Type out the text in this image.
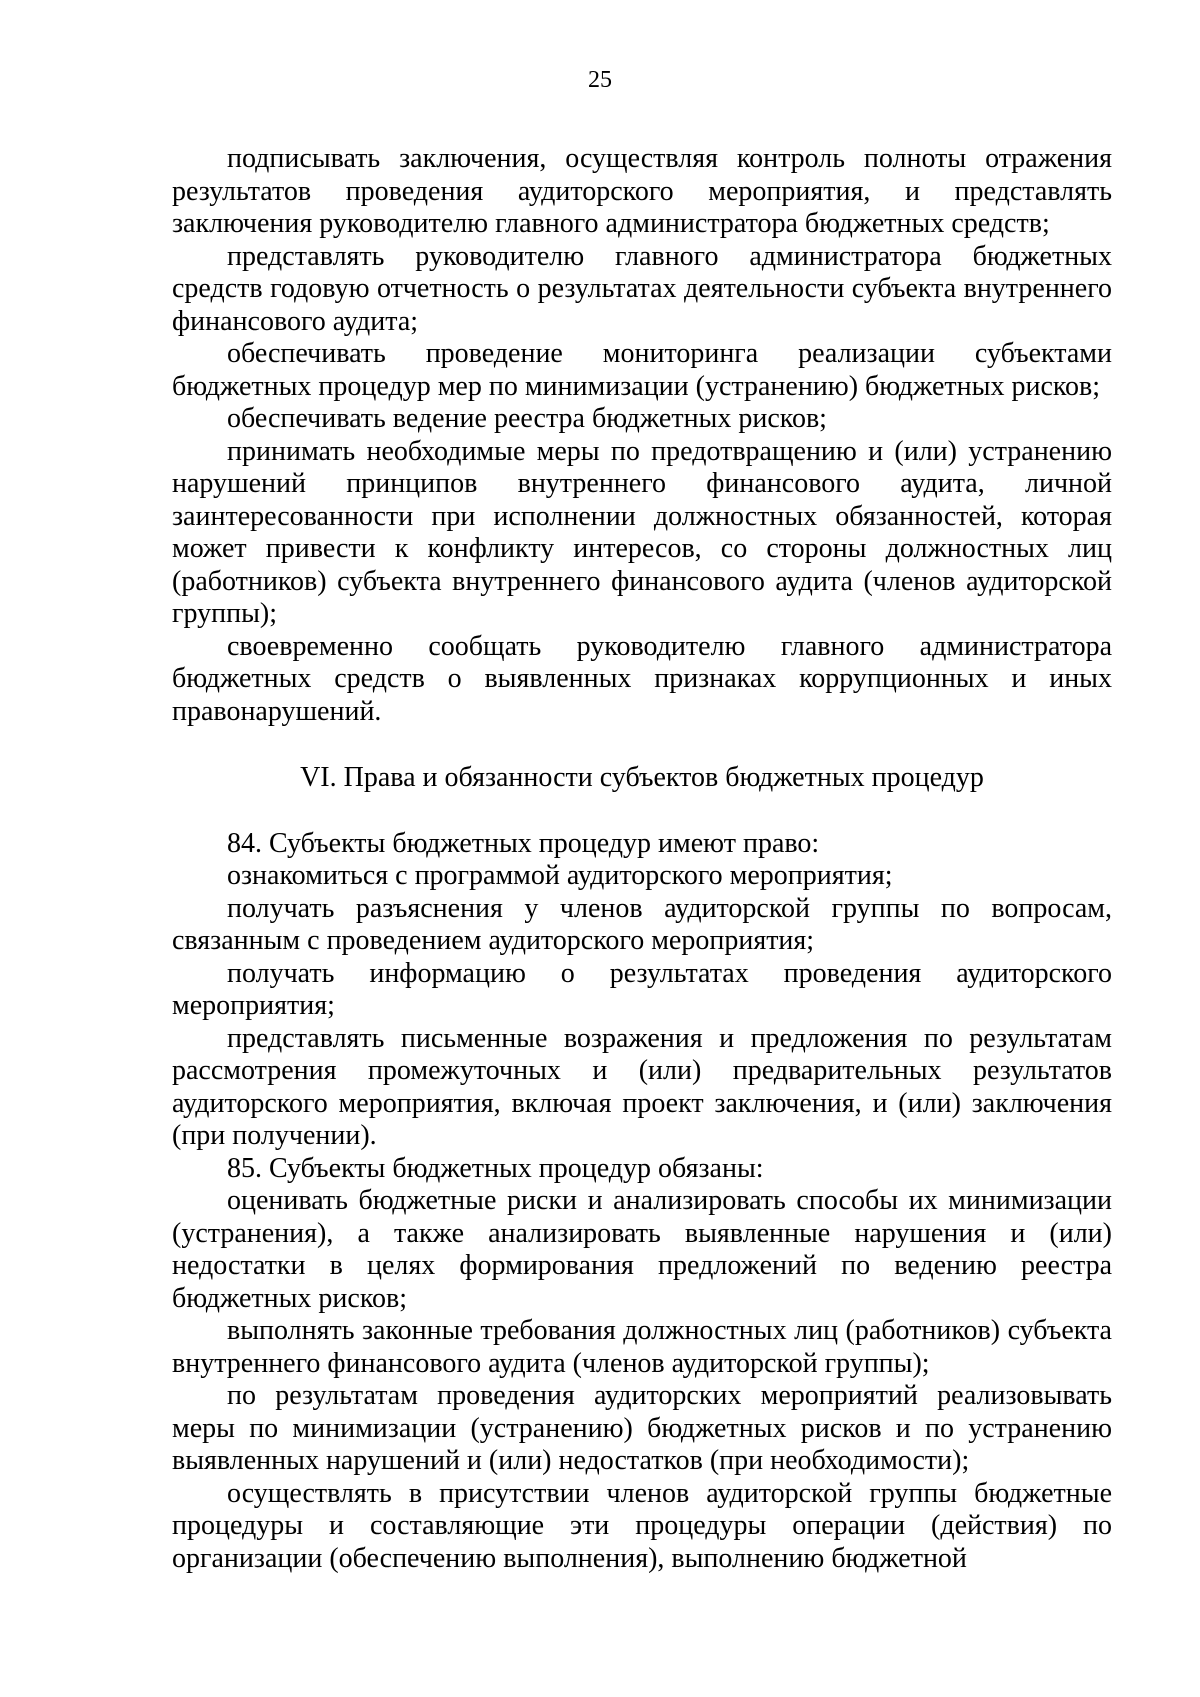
25

подписывать заключения, осуществляя контроль полноты отражения результатов проведения аудиторского мероприятия, и представлять заключения руководителю главного администратора бюджетных средств;

представлять руководителю главного администратора бюджетных средств годовую отчетность о результатах деятельности субъекта внутреннего финансового аудита;

обеспечивать проведение мониторинга реализации субъектами бюджетных процедур мер по минимизации (устранению) бюджетных рисков;

обеспечивать ведение реестра бюджетных рисков;

принимать необходимые меры по предотвращению и (или) устранению нарушений принципов внутреннего финансового аудита, личной заинтересованности при исполнении должностных обязанностей, которая может привести к конфликту интересов, со стороны должностных лиц (работников) субъекта внутреннего финансового аудита (членов аудиторской группы);

своевременно сообщать руководителю главного администратора бюджетных средств о выявленных признаках коррупционных и иных правонарушений.

VI. Права и обязанности субъектов бюджетных процедур

84. Субъекты бюджетных процедур имеют право:

ознакомиться с программой аудиторского мероприятия;

получать разъяснения у членов аудиторской группы по вопросам, связанным с проведением аудиторского мероприятия;

получать информацию о результатах проведения аудиторского мероприятия;

представлять письменные возражения и предложения по результатам рассмотрения промежуточных и (или) предварительных результатов аудиторского мероприятия, включая проект заключения, и (или) заключения (при получении).

85. Субъекты бюджетных процедур обязаны:

оценивать бюджетные риски и анализировать способы их минимизации (устранения), а также анализировать выявленные нарушения и (или) недостатки в целях формирования предложений по ведению реестра бюджетных рисков;

выполнять законные требования должностных лиц (работников) субъекта внутреннего финансового аудита (членов аудиторской группы);

по результатам проведения аудиторских мероприятий реализовывать меры по минимизации (устранению) бюджетных рисков и по устранению выявленных нарушений и (или) недостатков (при необходимости);

осуществлять в присутствии членов аудиторской группы бюджетные процедуры и составляющие эти процедуры операции (действия) по организации (обеспечению выполнения), выполнению бюджетной
